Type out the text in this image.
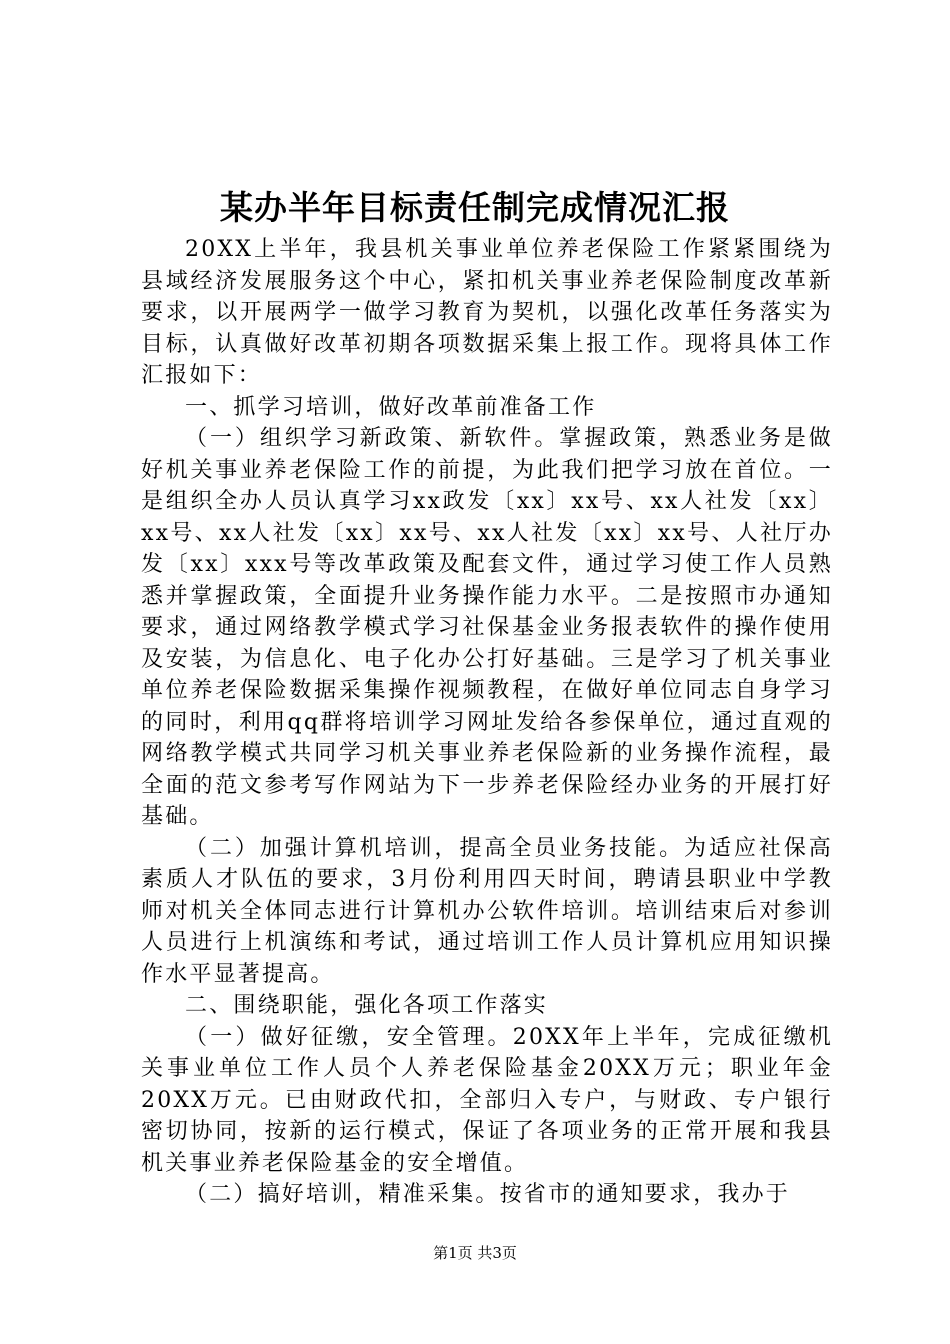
某办半年目标责任制完成情况汇报

20XX上半年，我县机关事业单位养老保险工作紧紧围绕为县域经济发展服务这个中心，紧扣机关事业养老保险制度改革新要求，以开展两学一做学习教育为契机，以强化改革任务落实为目标，认真做好改革初期各项数据采集上报工作。现将具体工作汇报如下：

一、抓学习培训，做好改革前准备工作

（一）组织学习新政策、新软件。掌握政策，熟悉业务是做好机关事业养老保险工作的前提，为此我们把学习放在首位。一是组织全办人员认真学习xx政发〔xx〕xx号、xx人社发〔xx〕xx号、xx人社发〔xx〕xx号、xx人社发〔xx〕xx号、人社厅办发〔xx〕xxx号等改革政策及配套文件，通过学习使工作人员熟悉并掌握政策，全面提升业务操作能力水平。二是按照市办通知要求，通过网络教学模式学习社保基金业务报表软件的操作使用及安装，为信息化、电子化办公打好基础。三是学习了机关事业单位养老保险数据采集操作视频教程，在做好单位同志自身学习的同时，利用qq群将培训学习网址发给各参保单位，通过直观的网络教学模式共同学习机关事业养老保险新的业务操作流程，最全面的范文参考写作网站为下一步养老保险经办业务的开展打好基础。

（二）加强计算机培训，提高全员业务技能。为适应社保高素质人才队伍的要求，3月份利用四天时间，聘请县职业中学教师对机关全体同志进行计算机办公软件培训。培训结束后对参训人员进行上机演练和考试，通过培训工作人员计算机应用知识操作水平显著提高。

二、围绕职能，强化各项工作落实

（一）做好征缴，安全管理。20XX年上半年，完成征缴机关事业单位工作人员个人养老保险基金20XX万元；职业年金20XX万元。已由财政代扣，全部归入专户，与财政、专户银行密切协同，按新的运行模式，保证了各项业务的正常开展和我县机关事业养老保险基金的安全增值。

（二）搞好培训，精准采集。按省市的通知要求，我办于

第1页 共3页
